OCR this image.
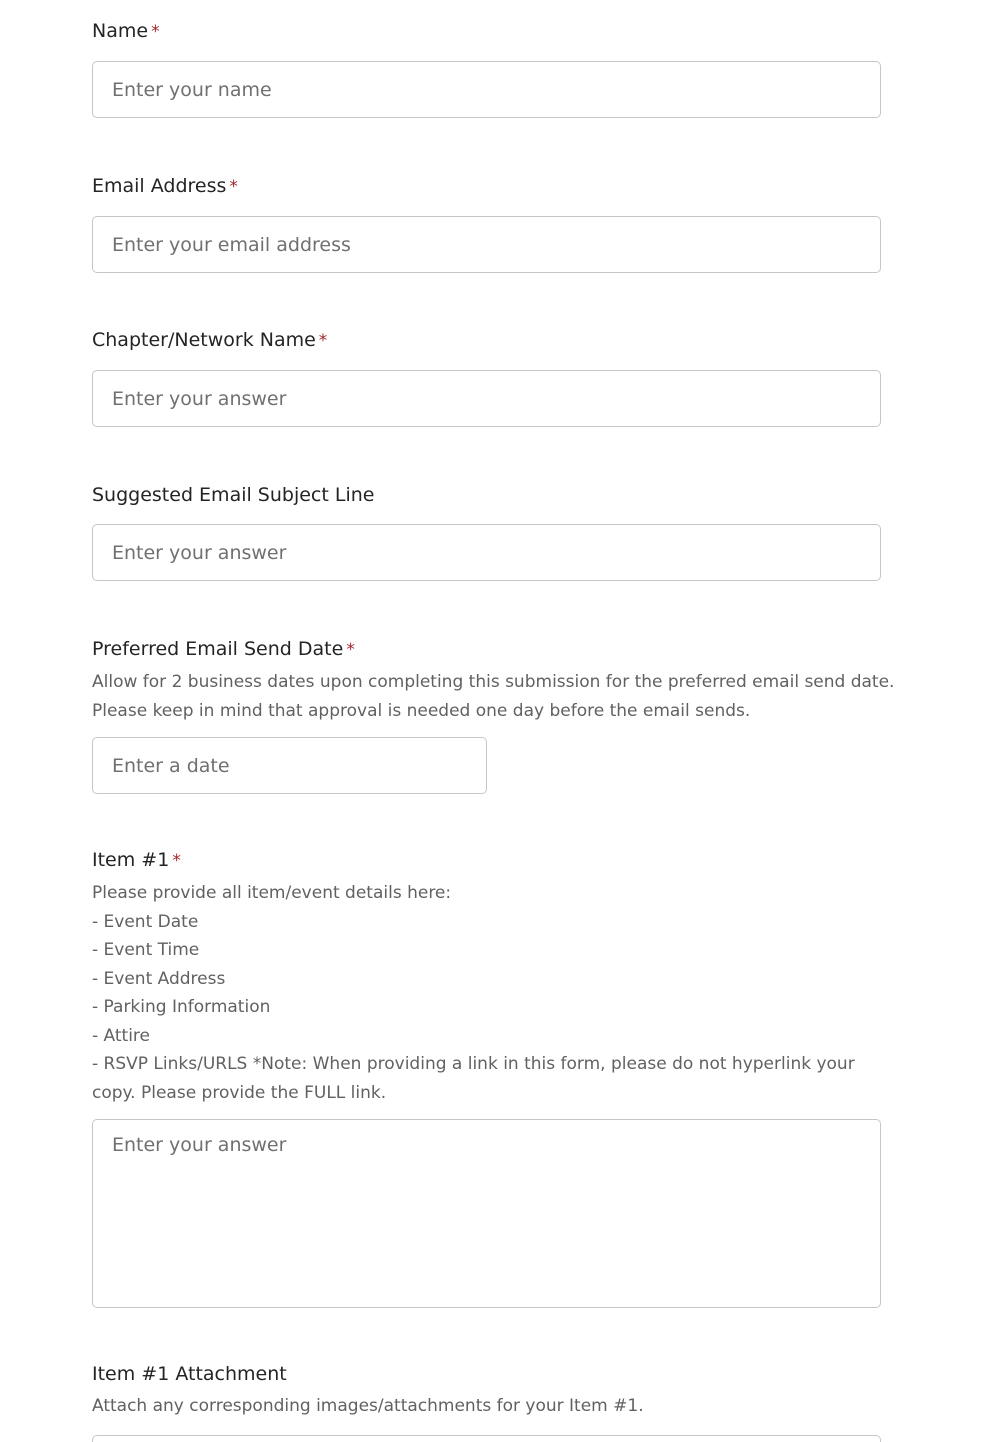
Name *
Enter your name
Email Address *
Enter your email address
Chapter/Network Name *
Enter your answer
Suggested Email Subject Line
Enter your answer
Preferred Email Send Date *
Allow for 2 business dates upon completing this submission for the preferred email send date.
Please keep in mind that approval is needed one day before the email sends.
Enter a date
Item #1 *
Please provide all item/event details here:
- Event Date
- Event Time
- Event Address
- Parking Information
- Attire
- RSVP Links/URLS *Note: When providing a link in this form, please do not hyperlink your
copy. Please provide the FULL link.
Enter your answer
Item #1 Attachment
Attach any corresponding images/attachments for your Item #1.
